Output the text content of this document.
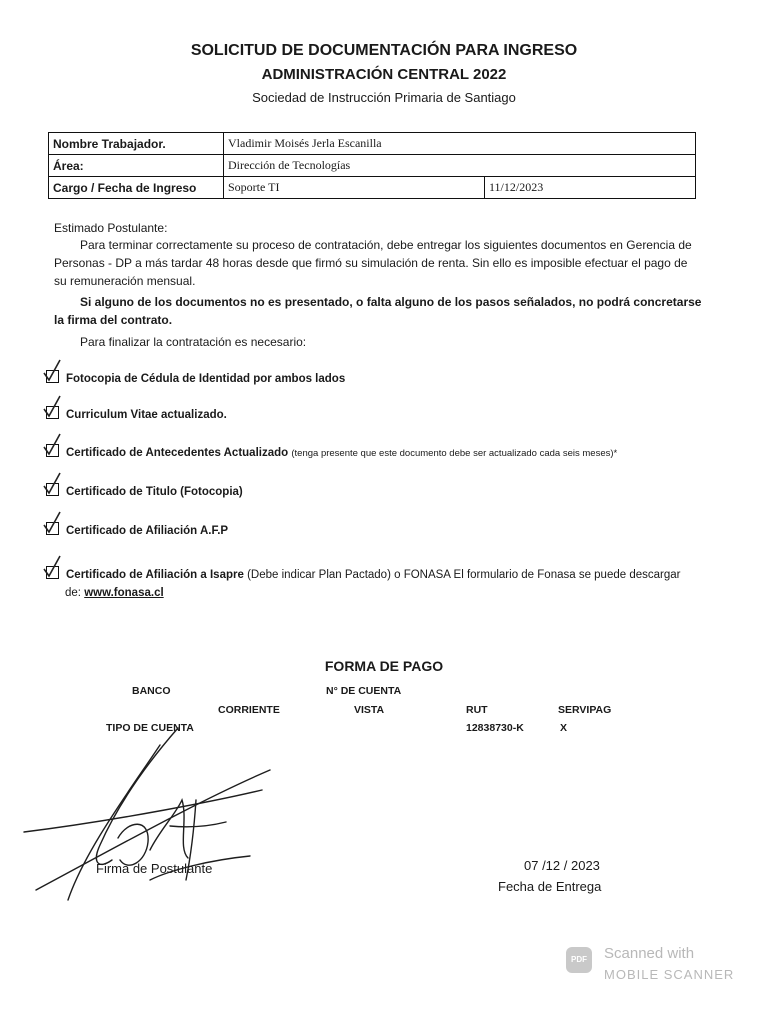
SOLICITUD DE DOCUMENTACIÓN PARA INGRESO
ADMINISTRACIÓN CENTRAL 2022
Sociedad de Instrucción Primaria de Santiago
Nombre Trabajador.	Vladimir Moisés Jerla Escanilla	
Área:	Dirección de Tecnologías	
Cargo / Fecha de Ingreso	Soporte TI	11/12/2023
Estimado Postulante:
Para terminar correctamente su proceso de contratación, debe entregar los siguientes documentos en Gerencia de Personas - DP a más tardar 48 horas desde que firmó su simulación de renta. Sin ello es imposible efectuar el pago de su remuneración mensual.
Si alguno de los documentos no es presentado, o falta alguno de los pasos señalados, no podrá concretarse la firma del contrato.
Para finalizar la contratación es necesario:
Fotocopia de Cédula de Identidad por ambos lados
Curriculum Vitae actualizado.
Certificado de Antecedentes Actualizado (tenga presente que este documento debe ser actualizado cada seis meses)*
Certificado de Titulo (Fotocopia)
Certificado de Afiliación A.F.P
Certificado de Afiliación a Isapre (Debe indicar Plan Pactado) o FONASA El formulario de Fonasa se puede descargar
de: www.fonasa.cl
FORMA DE PAGO
BANCO	N° DE CUENTA
CORRIENTE	VISTA	RUT	SERVIPAG
TIPO DE CUENTA	12838730-K	X
Firma de Postulante	07 /12 / 2023
Fecha de Entrega
PDF	Scanned with
MOBILE SCANNER
